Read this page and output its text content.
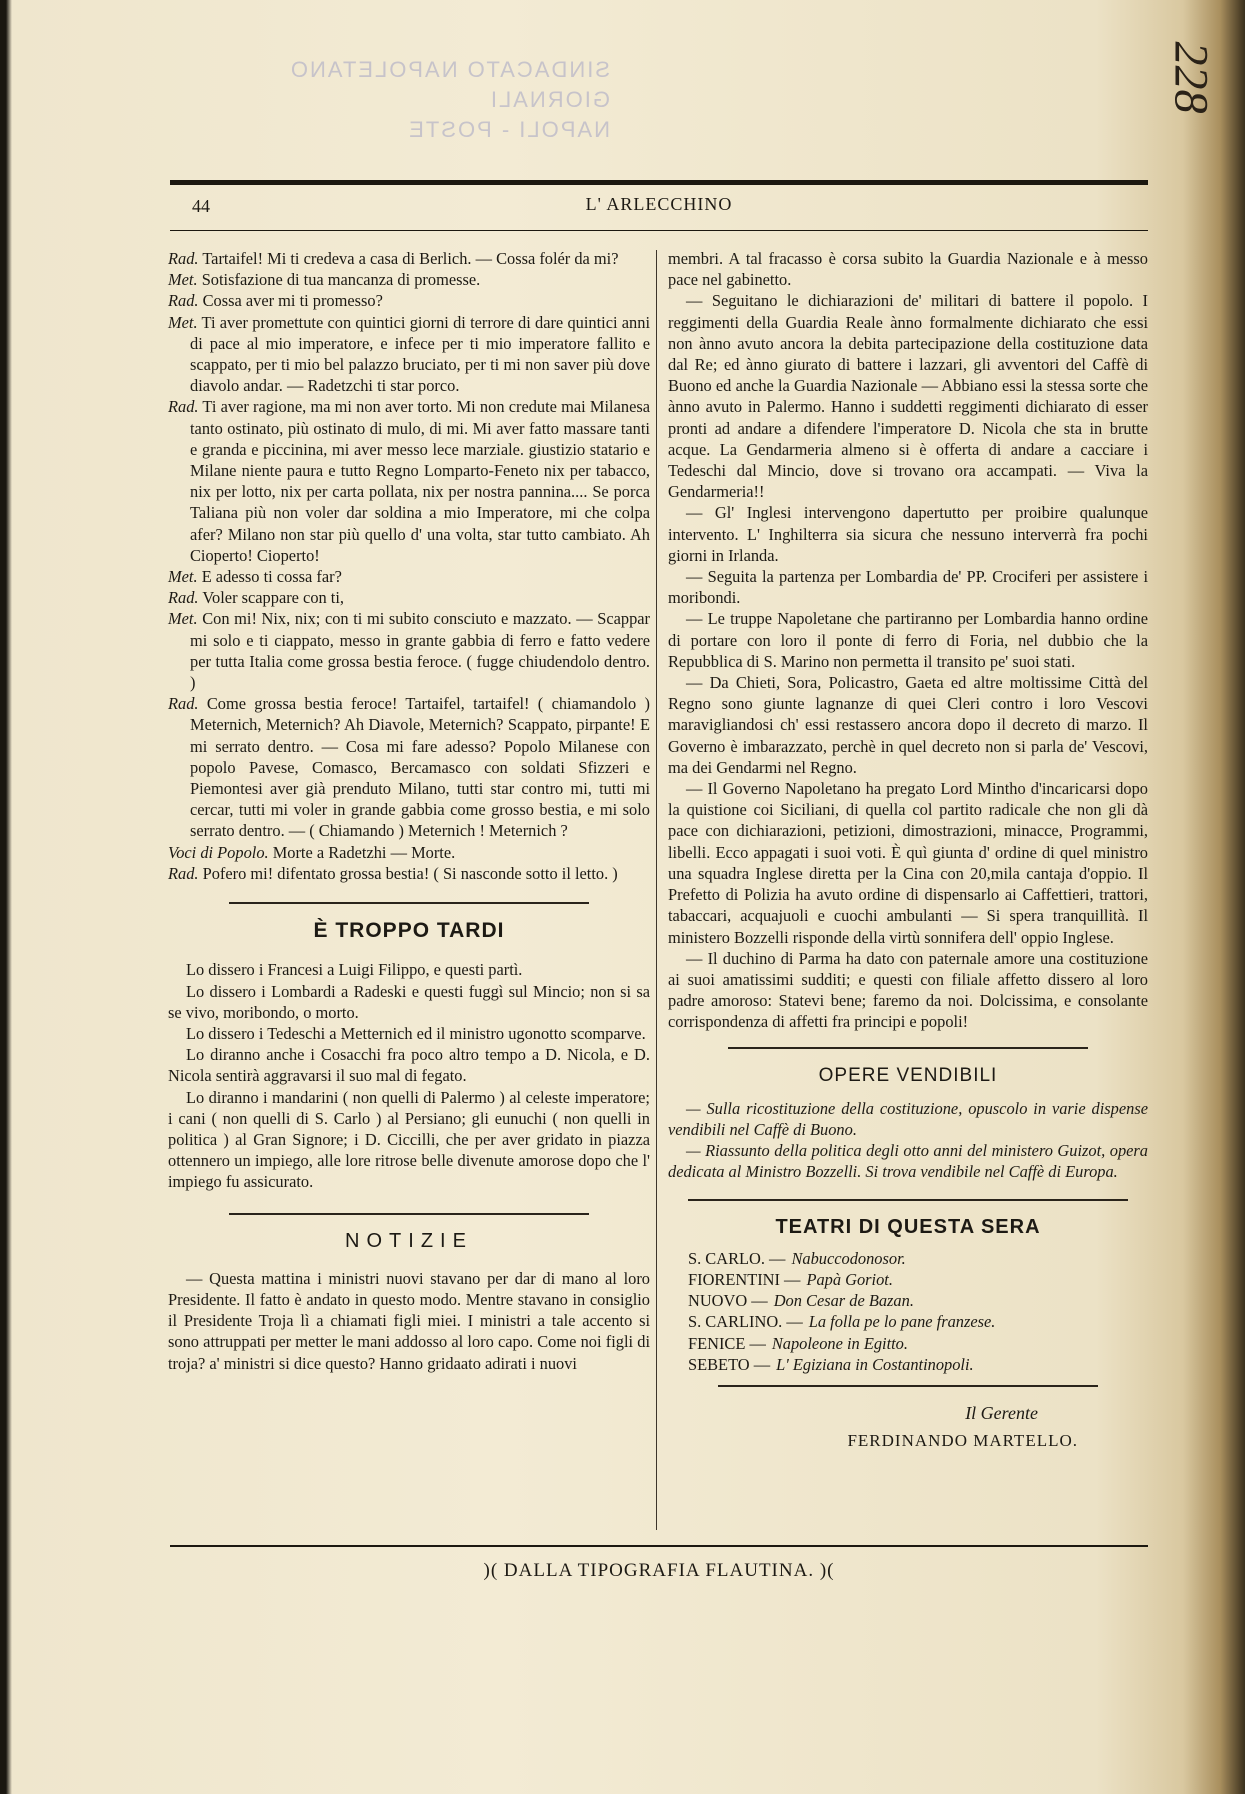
SINDACATO NAPOLETANO
GIORNALI
NAPOLI - POSTE
228
44	L' ARLECCHINO

Rad. Tartaifel! Mi ti credeva a casa di Berlich. — Cossa folér da mi?

Met. Sotisfazione di tua mancanza di promesse.

Rad. Cossa aver mi ti promesso?

Met. Ti aver promettute con quintici giorni di terrore di dare quintici anni di pace al mio imperatore, e infece per ti mio imperatore fallito e scappato, per ti mio bel palazzo bruciato, per ti mi non saver più dove diavolo andar. — Radetzchi ti star porco.

Rad. Ti aver ragione, ma mi non aver torto. Mi non credute mai Milanesa tanto ostinato, più ostinato di mulo, di mi. Mi aver fatto massare tanti e granda e piccinina, mi aver messo lece marziale. giustizio statario e Milane niente paura e tutto Regno Lomparto-Feneto nix per tabacco, nix per lotto, nix per carta pollata, nix per nostra pannina.... Se porca Taliana più non voler dar soldina a mio Imperatore, mi che colpa afer? Milano non star più quello d' una volta, star tutto cambiato. Ah Cioperto! Cioperto!

Met. E adesso ti cossa far?

Rad. Voler scappare con ti,

Met. Con mi! Nix, nix; con ti mi subito consciuto e mazzato. — Scappar mi solo e ti ciappato, messo in grante gabbia di ferro e fatto vedere per tutta Italia come grossa bestia feroce. ( fugge chiudendolo dentro. )

Rad. Come grossa bestia feroce! Tartaifel, tartaifel! ( chiamandolo ) Meternich, Meternich? Ah Diavole, Meternich? Scappato, pirpante! E mi serrato dentro. — Cosa mi fare adesso? Popolo Milanese con popolo Pavese, Comasco, Bercamasco con soldati Sfizzeri e Piemontesi aver già prenduto Milano, tutti star contro mi, tutti mi cercar, tutti mi voler in grande gabbia come grosso bestia, e mi solo serrato dentro. — ( Chiamando ) Meternich ! Meternich ?

Voci di Popolo. Morte a Radetzhi — Morte.

Rad. Pofero mi! difentato grossa bestia! ( Si nasconde sotto il letto. )

È TROPPO TARDI

Lo dissero i Francesi a Luigi Filippo, e questi partì.

Lo dissero i Lombardi a Radeski e questi fuggì sul Mincio; non si sa se vivo, moribondo, o morto.

Lo dissero i Tedeschi a Metternich ed il ministro ugonotto scomparve.

Lo diranno anche i Cosacchi fra poco altro tempo a D. Nicola, e D. Nicola sentirà aggravarsi il suo mal di fegato.

Lo diranno i mandarini ( non quelli di Palermo ) al celeste imperatore; i cani ( non quelli di S. Carlo ) al Persiano; gli eunuchi ( non quelli in politica ) al Gran Signore; i D. Ciccilli, che per aver gridato in piazza ottennero un impiego, alle lore ritrose belle divenute amorose dopo che l' impiego fu assicurato.

NOTIZIE

— Questa mattina i ministri nuovi stavano per dar di mano al loro Presidente. Il fatto è andato in questo modo. Mentre stavano in consiglio il Presidente Troja lì a chiamati figli miei. I ministri a tale accento si sono attruppati per metter le mani addosso al loro capo. Come noi figli di troja? a' ministri si dice questo? Hanno gridaato adirati i nuovi

membri. A tal fracasso è corsa subito la Guardia Nazionale e à messo pace nel gabinetto.

— Seguitano le dichiarazioni de' militari di battere il popolo. I reggimenti della Guardia Reale ànno formalmente dichiarato che essi non ànno avuto ancora la debita partecipazione della costituzione data dal Re; ed ànno giurato di battere i lazzari, gli avventori del Caffè di Buono ed anche la Guardia Nazionale — Abbiano essi la stessa sorte che ànno avuto in Palermo. Hanno i suddetti reggimenti dichiarato di esser pronti ad andare a difendere l'imperatore D. Nicola che sta in brutte acque. La Gendarmeria almeno si è offerta di andare a cacciare i Tedeschi dal Mincio, dove si trovano ora accampati. — Viva la Gendarmeria!!

— Gl' Inglesi intervengono dapertutto per proibire qualunque intervento. L' Inghilterra sia sicura che nessuno interverrà fra pochi giorni in Irlanda.

— Seguita la partenza per Lombardia de' PP. Crociferi per assistere i moribondi.

— Le truppe Napoletane che partiranno per Lombardia hanno ordine di portare con loro il ponte di ferro di Foria, nel dubbio che la Repubblica di S. Marino non permetta il transito pe' suoi stati.

— Da Chieti, Sora, Policastro, Gaeta ed altre moltissime Città del Regno sono giunte lagnanze di quei Cleri contro i loro Vescovi maravigliandosi ch' essi restassero ancora dopo il decreto di marzo. Il Governo è imbarazzato, perchè in quel decreto non si parla de' Vescovi, ma dei Gendarmi nel Regno.

— Il Governo Napoletano ha pregato Lord Mintho d'incaricarsi dopo la quistione coi Siciliani, di quella col partito radicale che non gli dà pace con dichiarazioni, petizioni, dimostrazioni, minacce, Programmi, libelli. Ecco appagati i suoi voti. È quì giunta d' ordine di quel ministro una squadra Inglese diretta per la Cina con 20,mila cantaja d'oppio. Il Prefetto di Polizia ha avuto ordine di dispensarlo ai Caffettieri, trattori, tabaccari, acquajuoli e cuochi ambulanti — Si spera tranquillità. Il ministero Bozzelli risponde della virtù sonnifera dell' oppio Inglese.

— Il duchino di Parma ha dato con paternale amore una costituzione ai suoi amatissimi sudditi; e questi con filiale affetto dissero al loro padre amoroso: Statevi bene; faremo da noi. Dolcissima, e consolante corrispondenza di affetti fra principi e popoli!

OPERE VENDIBILI

— Sulla ricostituzione della costituzione, opuscolo in varie dispense vendibili nel Caffè di Buono.

— Riassunto della politica degli otto anni del ministero Guizot, opera dedicata al Ministro Bozzelli. Si trova vendibile nel Caffè di Europa.

TEATRI DI QUESTA SERA
S. CARLO. — Nabuccodonosor.
FIORENTINI — Papà Goriot.
NUOVO — Don Cesar de Bazan.
S. CARLINO. — La folla pe lo pane franzese.
FENICE — Napoleone in Egitto.
SEBETO — L' Egiziana in Costantinopoli.
Il Gerente
FERDINANDO MARTELLO.
)( DALLA TIPOGRAFIA FLAUTINA. )(
